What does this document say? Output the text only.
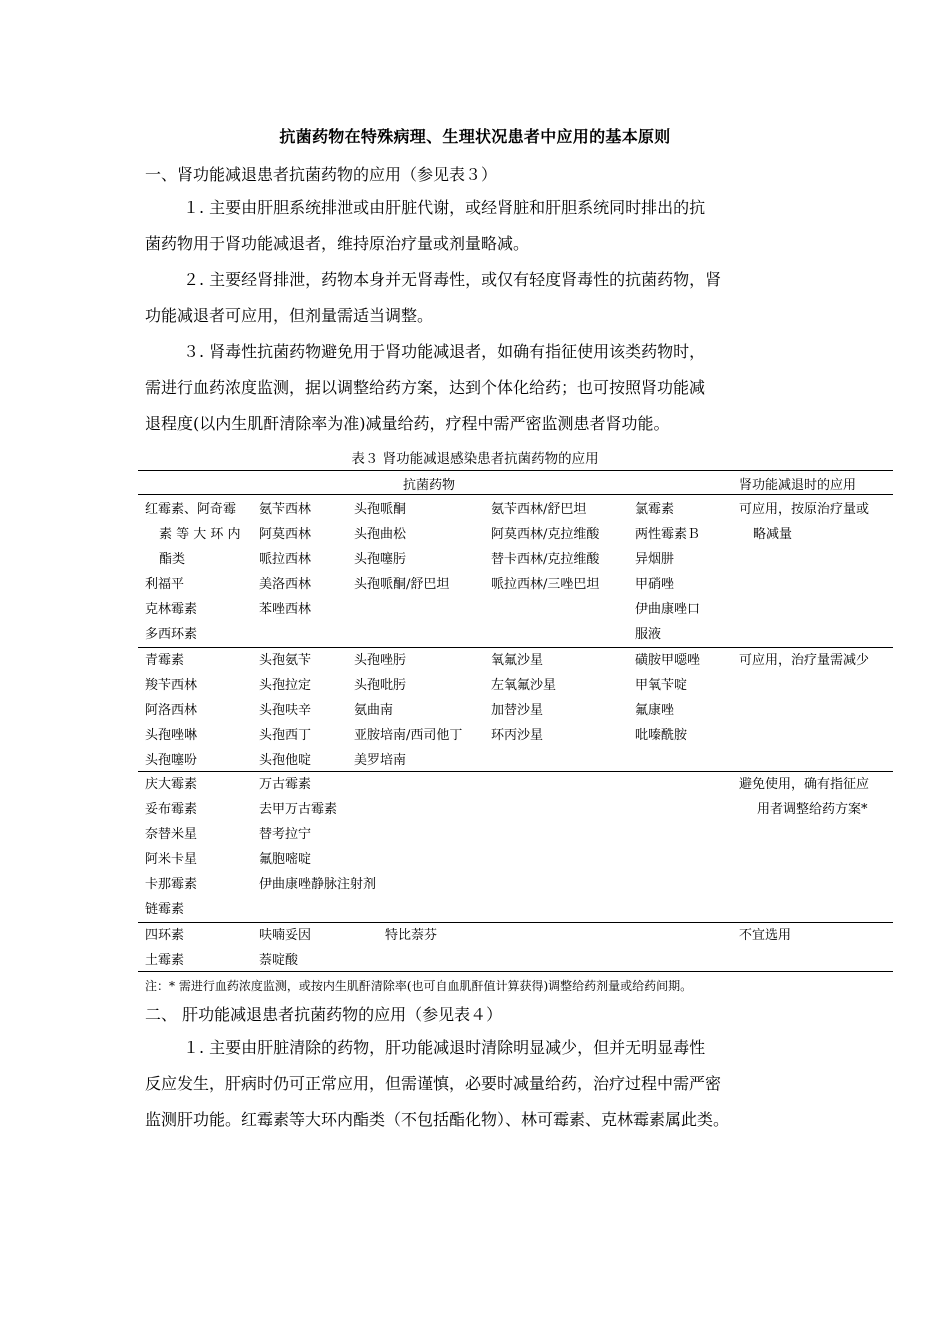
抗菌药物在特殊病理、生理状况患者中应用的基本原则
一、肾功能减退患者抗菌药物的应用（参见表３）
１. 主要由肝胆系统排泄或由肝脏代谢，或经肾脏和肝胆系统同时排出的抗
菌药物用于肾功能减退者，维持原治疗量或剂量略减。
２. 主要经肾排泄，药物本身并无肾毒性，或仅有轻度肾毒性的抗菌药物，肾
功能减退者可应用，但剂量需适当调整。
３. 肾毒性抗菌药物避免用于肾功能减退者，如确有指征使用该类药物时，
需进行血药浓度监测，据以调整给药方案，达到个体化给药；也可按照肾功能减
退程度(以内生肌酐清除率为准)减量给药，疗程中需严密监测患者肾功能。
表３ 肾功能减退感染患者抗菌药物的应用
抗菌药物	肾功能减退时的应用
红霉素、阿奇霉
素 等 大 环 内
酯类
利福平
克林霉素
多西环素
氨苄西林
阿莫西林
哌拉西林
美洛西林
苯唑西林
头孢哌酮
头孢曲松
头孢噻肟
头孢哌酮/舒巴坦
氨苄西林/舒巴坦
阿莫西林/克拉维酸
替卡西林/克拉维酸
哌拉西林/三唑巴坦
氯霉素
两性霉素Ｂ
异烟肼
甲硝唑
伊曲康唑口
服液
可应用，按原治疗量或
略减量
青霉素
羧苄西林
阿洛西林
头孢唑啉
头孢噻吩
头孢氨苄
头孢拉定
头孢呋辛
头孢西丁
头孢他啶
头孢唑肟
头孢吡肟
氨曲南
亚胺培南/西司他丁
美罗培南
氧氟沙星
左氧氟沙星
加替沙星
环丙沙星
磺胺甲噁唑
甲氧苄啶
氟康唑
吡嗪酰胺
可应用，治疗量需减少
庆大霉素
妥布霉素
奈替米星
阿米卡星
卡那霉素
链霉素
万古霉素
去甲万古霉素
替考拉宁
氟胞嘧啶
伊曲康唑静脉注射剂
避免使用，确有指征应
用者调整给药方案*
四环素
土霉素
呋喃妥因
萘啶酸
特比萘芬	不宜选用
注：* 需进行血药浓度监测，或按内生肌酐清除率(也可自血肌酐值计算获得)调整给药剂量或给药间期。
二、 肝功能减退患者抗菌药物的应用（参见表４）
１. 主要由肝脏清除的药物，肝功能减退时清除明显减少，但并无明显毒性
反应发生，肝病时仍可正常应用，但需谨慎，必要时减量给药，治疗过程中需严密
监测肝功能。红霉素等大环内酯类（不包括酯化物）、林可霉素、克林霉素属此类。
